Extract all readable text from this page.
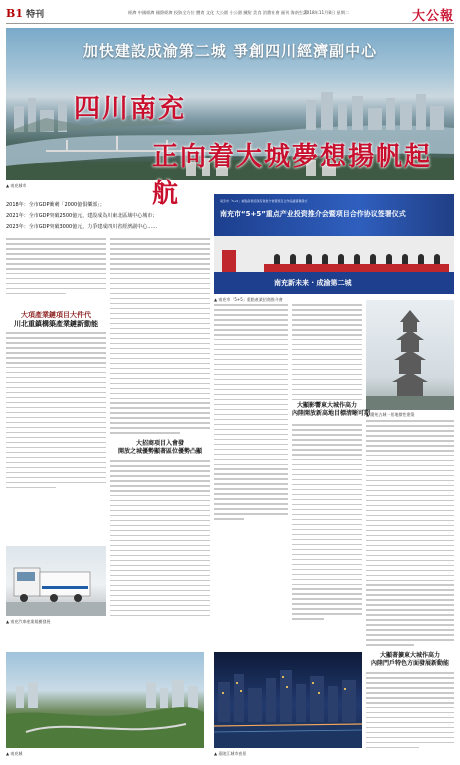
B1 特刊	經濟 中國經濟 國際經濟 投資全方位 體育 文化 大公園 小公園 繽紛 美食 消費社會 副刊 海南生活
2018年11月8日 星期二	大公報
加快建設成渝第二城 爭創四川經濟副中心
四川南充
正向着大城夢想揚帆起航
▲ 南充城市
2018年：全市GDP衝刺「2000億俱樂部」；
2021年：全市GDP突破2500億元，建設成為川東北區域中心城市；
2023年：全市GDP突破3000億元，力爭建成四川省經濟副中心……
南充市「5+5」重點產業招商投資推介會暨項目合作協議簽署儀式
南充市“5+5”重点产业投资推介会暨项目合作协议签署仪式
南充新未来 · 成渝第二城
▲ 南充市「5+5」重點產業招商推介會
大項產業鏈項目大件代
川北重鎮構築產業鏈新動能
▲ 閬苑古城一景地標性建築
大顯影響東大城作高力
內陸開放新高地目標清晰可期
大招商項目入會發
開放之城優勢顯著區位優勢凸顯
▲ 南充汽車產業規模發展
大顯著擴東大城作高力
內陸門戶特色方面發展新動能
▲ 南充城	▲ 嘉陵江城市夜景
